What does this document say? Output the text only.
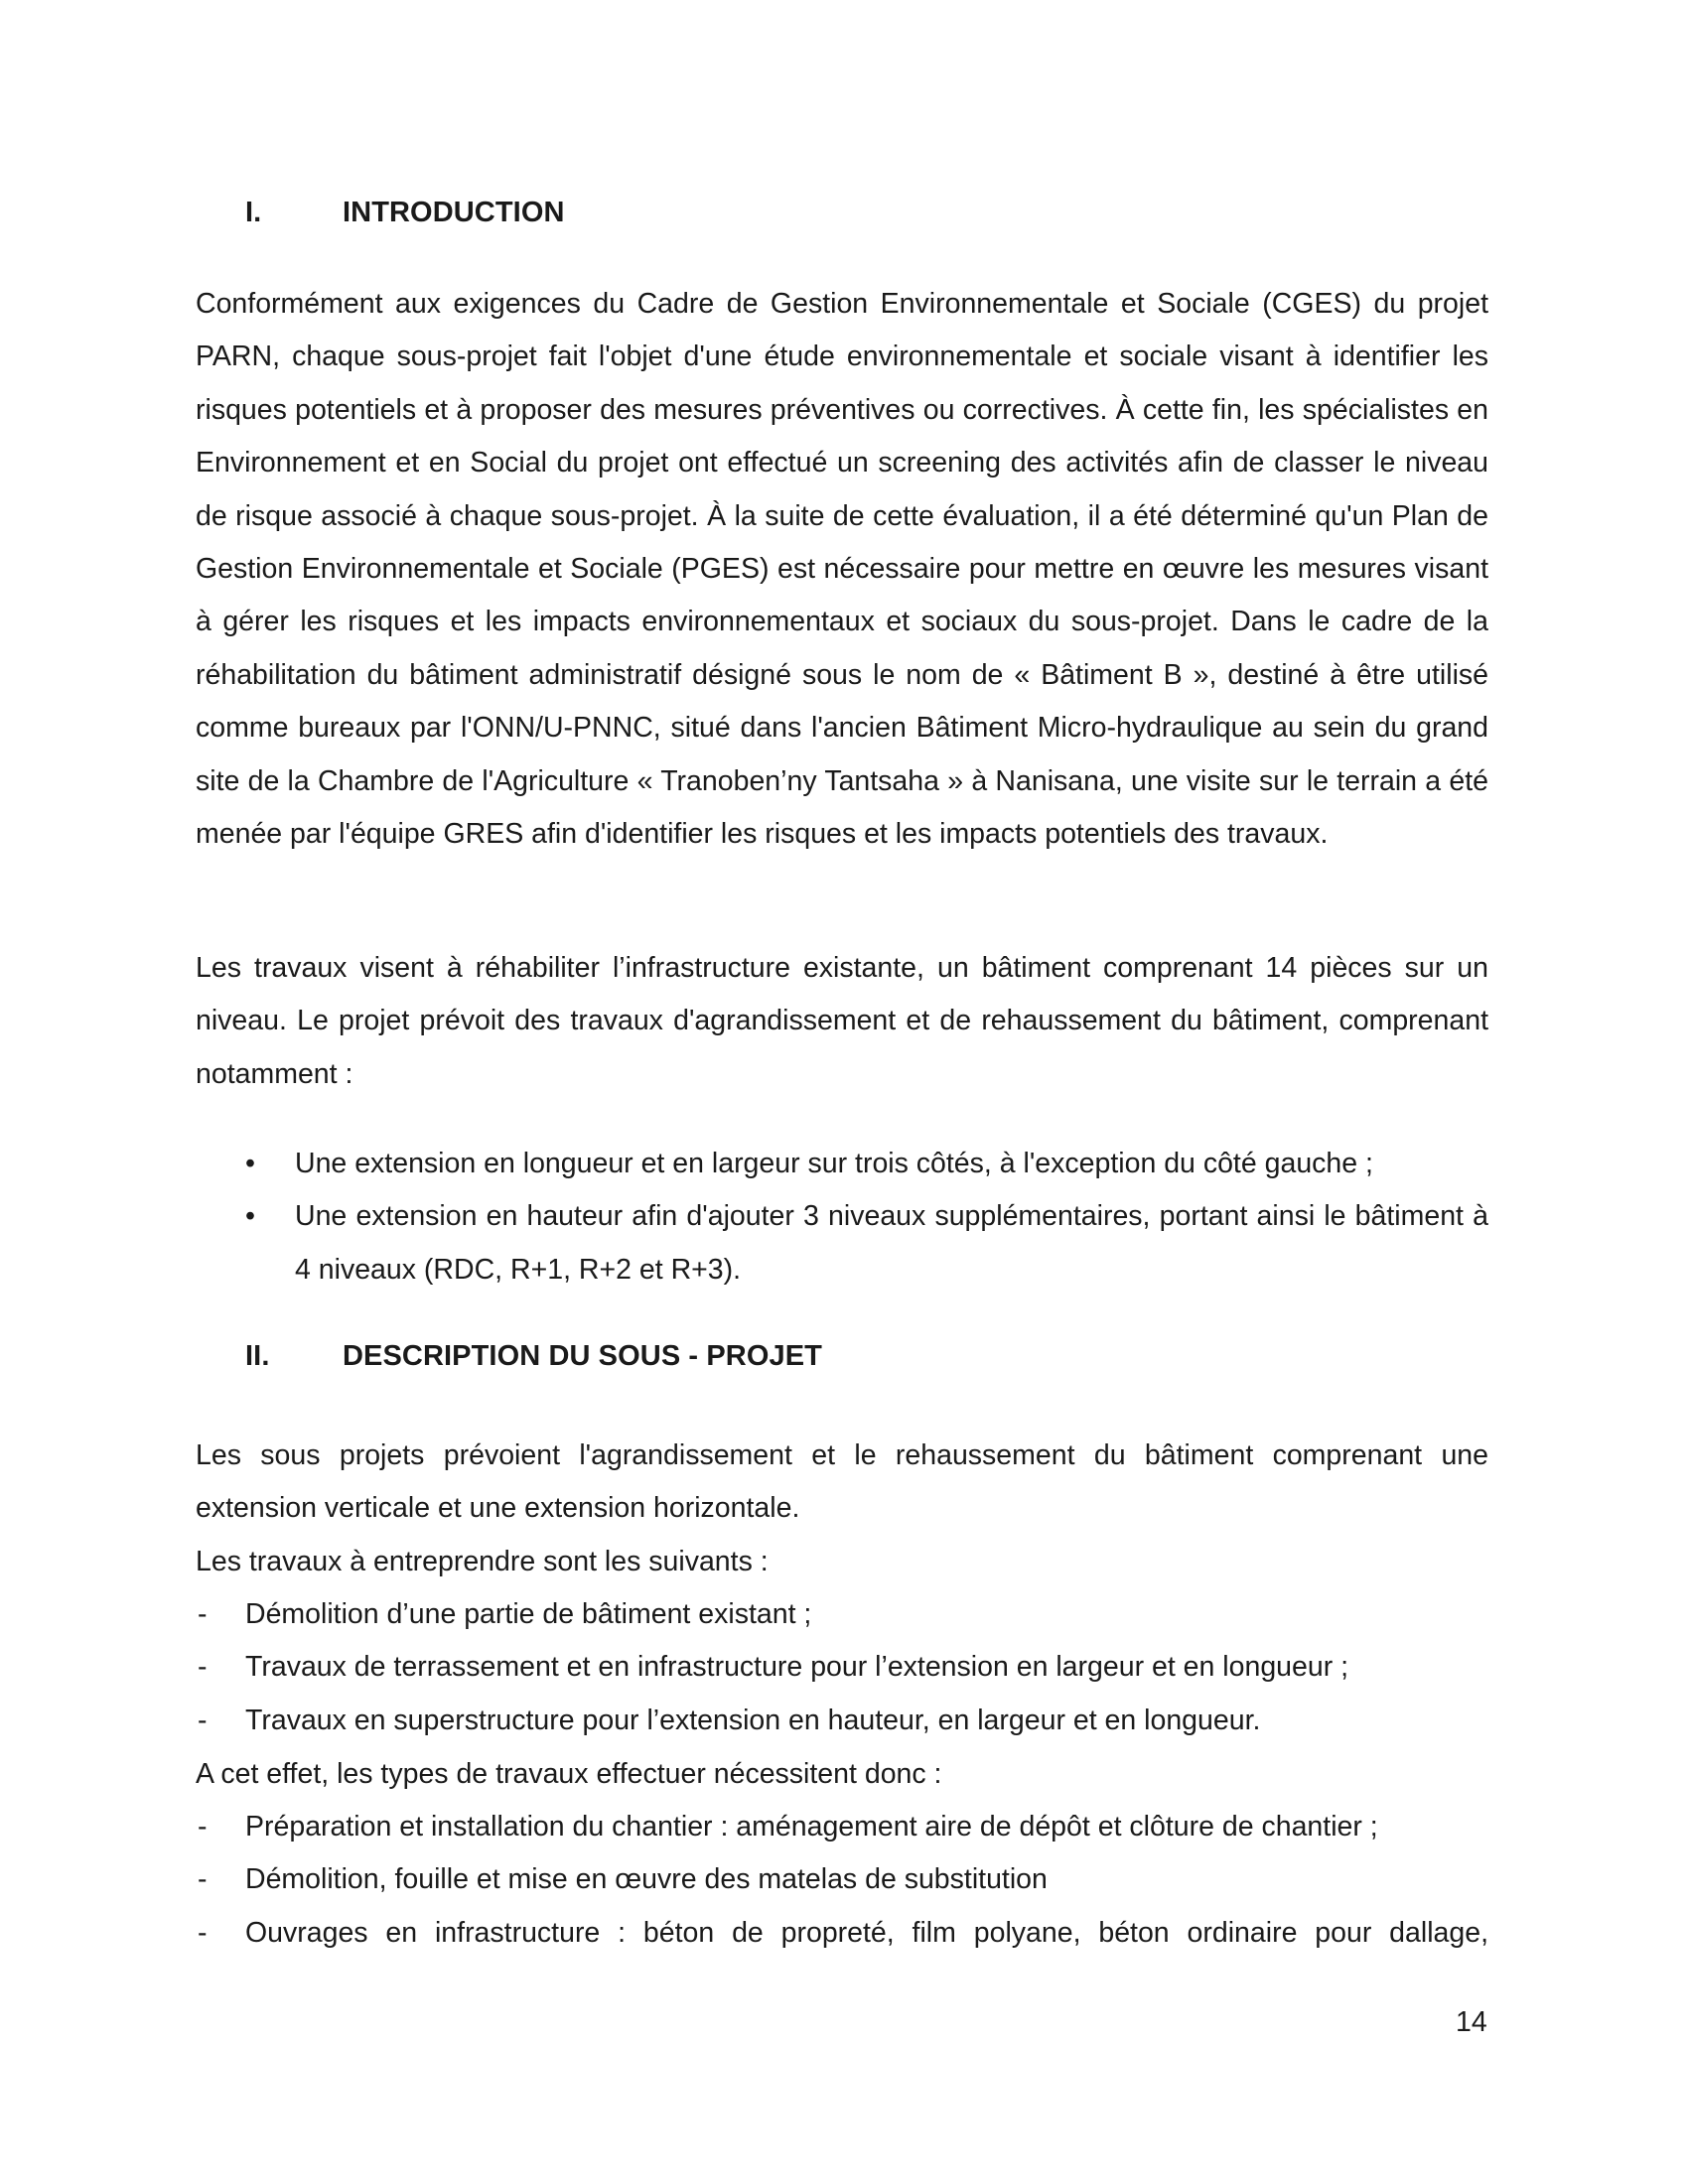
I.	INTRODUCTION

Conformément aux exigences du Cadre de Gestion Environnementale et Sociale (CGES) du projet PARN, chaque sous-projet fait l'objet d'une étude environnementale et sociale visant à identifier les risques potentiels et à proposer des mesures préventives ou correctives. À cette fin, les spécialistes en Environnement et en Social du projet ont effectué un screening des activités afin de classer le niveau de risque associé à chaque sous-projet. À la suite de cette évaluation, il a été déterminé qu'un Plan de Gestion Environnementale et Sociale (PGES) est nécessaire pour mettre en œuvre les mesures visant à gérer les risques et les impacts environnementaux et sociaux du sous-projet. Dans le cadre de la réhabilitation du bâtiment administratif désigné sous le nom de « Bâtiment B », destiné à être utilisé comme bureaux par l'ONN/U-PNNC, situé dans l'ancien Bâtiment Micro-hydraulique au sein du grand site de la Chambre de l'Agriculture « Tranoben’ny Tantsaha » à Nanisana, une visite sur le terrain a été menée par l'équipe GRES afin d'identifier les risques et les impacts potentiels des travaux.

Les travaux visent à réhabiliter l’infrastructure existante, un bâtiment comprenant 14 pièces sur un niveau. Le projet prévoit des travaux d'agrandissement et de rehaussement du bâtiment, comprenant notamment :

• Une extension en longueur et en largeur sur trois côtés, à l'exception du côté gauche ;
• Une extension en hauteur afin d'ajouter 3 niveaux supplémentaires, portant ainsi le bâtiment à 4 niveaux (RDC, R+1, R+2 et R+3).
II.	DESCRIPTION DU SOUS - PROJET

Les sous projets prévoient l'agrandissement et le rehaussement du bâtiment comprenant une extension verticale et une extension horizontale.

Les travaux à entreprendre sont les suivants :
- Démolition d’une partie de bâtiment existant ;
- Travaux de terrassement et en infrastructure pour l’extension en largeur et en longueur ;
- Travaux en superstructure pour l’extension en hauteur, en largeur et en longueur.
A cet effet, les types de travaux effectuer nécessitent donc :
- Préparation et installation du chantier : aménagement aire de dépôt et clôture de chantier ;
- Démolition, fouille et mise en œuvre des matelas de substitution
- Ouvrages en infrastructure : béton de propreté, film polyane, béton ordinaire pour dallage,
14
